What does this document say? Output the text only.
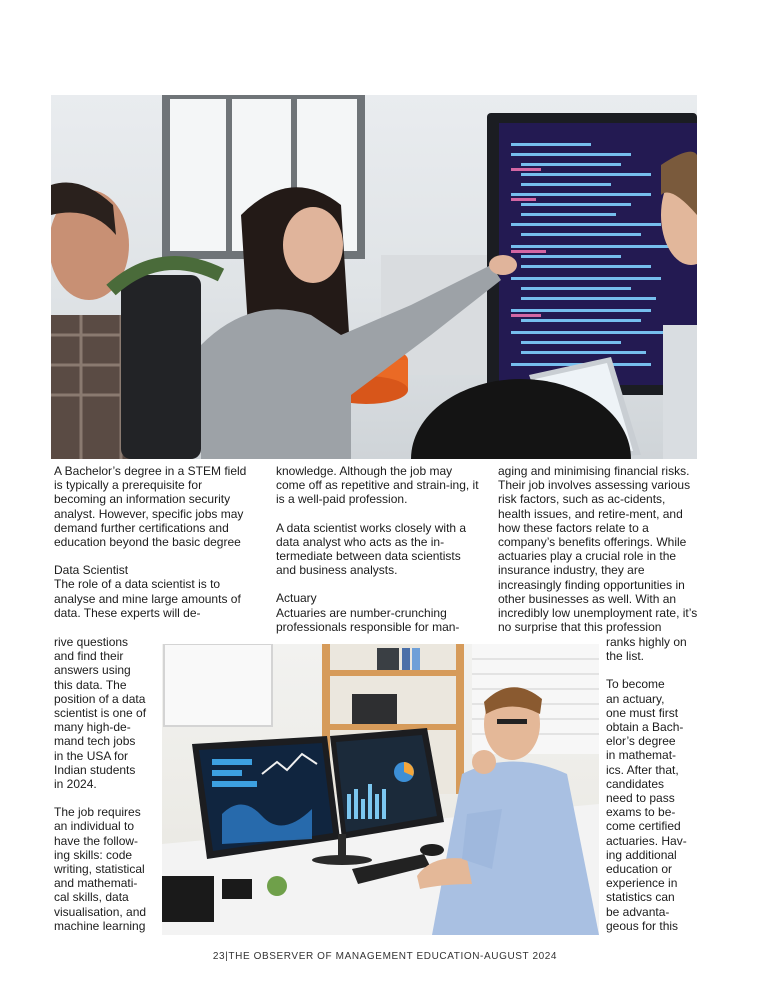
A Bachelor’s degree in a STEM field is typically a prerequisite for becoming an information security analyst. However, specific jobs may demand further certifications and education beyond the basic degree

Data Scientist

The role of a data scientist is to analyse and mine large amounts of data. These experts will de-

rive questions
and find their
answers using
this data. The
position of a data
scientist is one of
many high-de-
mand tech jobs
in the USA for
Indian students
in 2024.
The job requires
an individual to
have the follow-
ing skills: code
writing, statistical
and mathemati-
cal skills, data
visualisation, and
machine learning

knowledge. Although the job may come off as repetitive and strain-ing, it is a well-paid profession.

A data scientist works closely with a data analyst who acts as the in-termediate between data scientists and business analysts.

Actuary

Actuaries are number-crunching professionals responsible for man-

aging and minimising financial risks. Their job involves assessing various risk factors, such as ac-cidents, health issues, and retire-ment, and how these factors relate to a company’s benefits offerings. While actuaries play a crucial role in the insurance industry, they are increasingly finding opportunities in other businesses as well. With an incredibly low unemployment rate, it’s no surprise that this profession

ranks highly on
the list.
To become
an actuary,
one must first
obtain a Bach-
elor’s degree
in mathemat-
ics. After that,
candidates
need to pass
exams to be-
come certified
actuaries. Hav-
ing additional
education or
experience in
statistics can
be advanta-
geous for this
23|THE OBSERVER OF MANAGEMENT EDUCATION-AUGUST 2024
